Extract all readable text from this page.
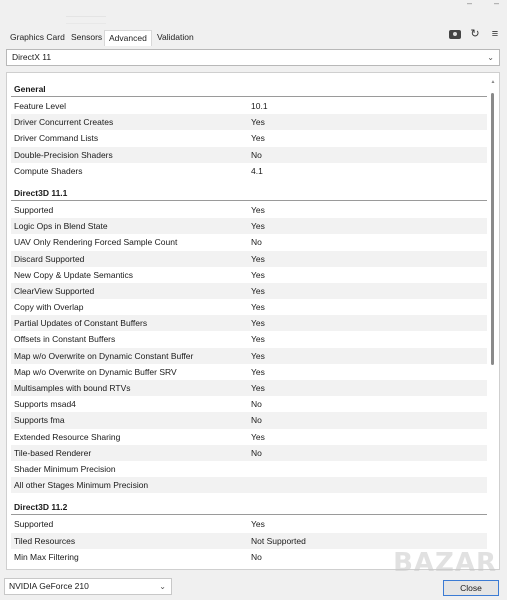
– –
Graphics Card Sensors Advanced	Validation	↻ ≡
DirectX 11	⌄
General
Feature Level	10.1
Driver Concurrent Creates	Yes
Driver Command Lists	Yes
Double-Precision Shaders	No
Compute Shaders	4.1
Direct3D 11.1
Supported	Yes
Logic Ops in Blend State	Yes
UAV Only Rendering Forced Sample Count	No
Discard Supported	Yes
New Copy & Update Semantics	Yes
ClearView Supported	Yes
Copy with Overlap	Yes
Partial Updates of Constant Buffers	Yes
Offsets in Constant Buffers	Yes
Map w/o Overwrite on Dynamic Constant Buffer	Yes
Map w/o Overwrite on Dynamic Buffer SRV	Yes
Multisamples with bound RTVs	Yes
Supports msad4	No
Supports fma	No
Extended Resource Sharing	Yes
Tile-based Renderer	No
Shader Minimum Precision
All other Stages Minimum Precision
Direct3D 11.2
Supported	Yes
Tiled Resources	Not Supported
Min Max Filtering	No
▲
BAZAR
NVIDIA GeForce 210	⌄	Close
